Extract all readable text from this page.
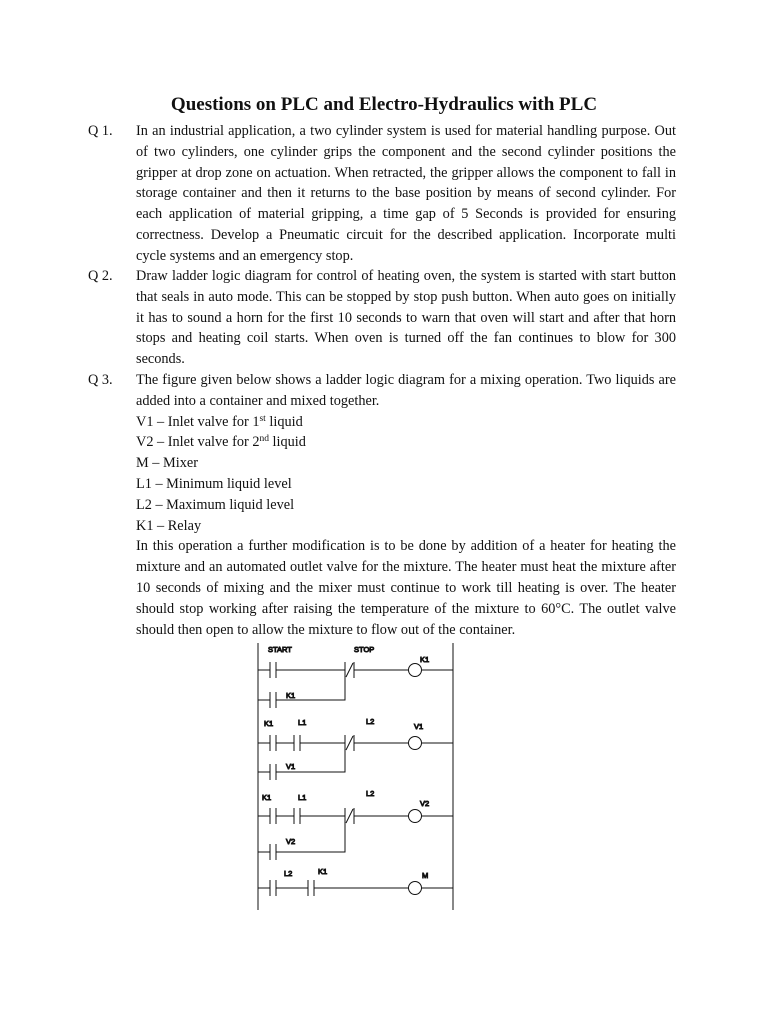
Questions on PLC and Electro-Hydraulics with PLC
Q 1.	In an industrial application, a two cylinder system is used for material handling purpose. Out of two cylinders, one cylinder grips the component and the second cylinder positions the gripper at drop zone on actuation. When retracted, the gripper allows the component to fall in storage container and then it returns to the base position by means of second cylinder. For each application of material gripping, a time gap of 5 Seconds is provided for ensuring correctness. Develop a Pneumatic circuit for the described application. Incorporate multi cycle systems and an emergency stop.

Q 2.	Draw ladder logic diagram for control of heating oven, the system is started with start button that seals in auto mode. This can be stopped by stop push button. When auto goes on initially it has to sound a horn for the first 10 seconds to warn that oven will start and after that horn stops and heating coil starts. When oven is turned off the fan continues to blow for 300 seconds.

Q 3.	The figure given below shows a ladder logic diagram for a mixing operation. Two liquids are added into a container and mixed together.

V1 – Inlet valve for 1st liquid

V2 – Inlet valve for 2nd liquid

M – Mixer

L1 – Minimum liquid level

L2 – Maximum liquid level

K1 – Relay

In this operation a further modification is to be done by addition of a heater for heating the mixture and an automated outlet valve for the mixture. The heater must heat the mixture after 10 seconds of mixing and the mixer must continue to work till heating is over. The heater should stop working after raising the temperature of the mixture to 60°C. The outlet valve should then open to allow the mixture to flow out of the container.

START	STOP
K1
K1
K1	L1	L2
V1
V1
K1	L1	L2
V2
V2
L2	K1	M
